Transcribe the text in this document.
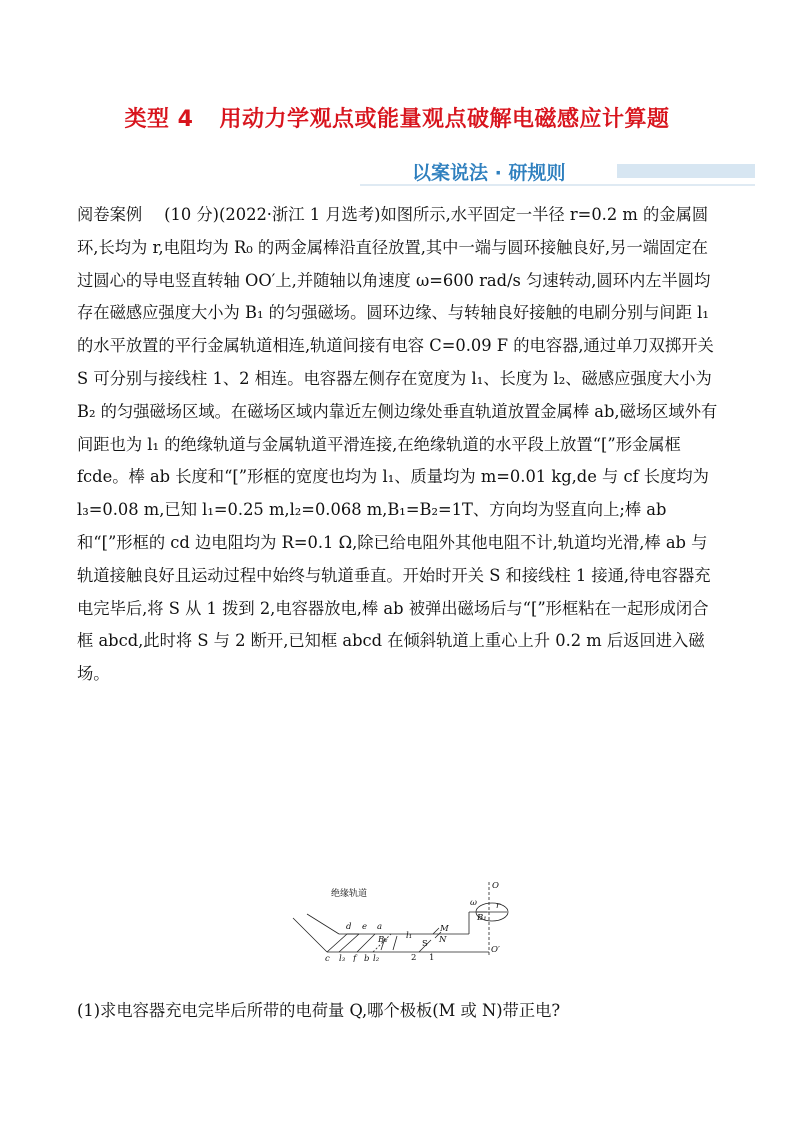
类型 4 用动力学观点或能量观点破解电磁感应计算题
以案说法 · 研规则
阅卷案例 (10 分)(2022·浙江 1 月选考)如图所示,水平固定一半径 r=0.2 m 的金属圆环,长均为 r,电阻均为 R₀ 的两金属棒沿直径放置,其中一端与圆环接触良好,另一端固定在过圆心的导电竖直转轴 OO′上,并随轴以角速度 ω=600 rad/s 匀速转动,圆环内左半圆均存在磁感应强度大小为 B₁ 的匀强磁场。圆环边缘、与转轴良好接触的电刷分别与间距 l₁ 的水平放置的平行金属轨道相连,轨道间接有电容 C=0.09 F 的电容器,通过单刀双掷开关 S 可分别与接线柱 1、2 相连。电容器左侧存在宽度为 l₁、长度为 l₂、磁感应强度大小为 B₂ 的匀强磁场区域。在磁场区域内靠近左侧边缘处垂直轨道放置金属棒 ab,磁场区域外有间距也为 l₁ 的绝缘轨道与金属轨道平滑连接,在绝缘轨道的水平段上放置“[”形金属框 fcde。棒 ab 长度和“[”形框的宽度也均为 l₁、质量均为 m=0.01 kg,de 与 cf 长度均为 l₃=0.08 m,已知 l₁=0.25 m,l₂=0.068 m,B₁=B₂=1T、方向均为竖直向上;棒 ab 和“[”形框的 cd 边电阻均为 R=0.1 Ω,除已给电阻外其他电阻不计,轨道均光滑,棒 ab 与轨道接触良好且运动过程中始终与轨道垂直。开始时开关 S 和接线柱 1 接通,待电容器充电完毕后,将 S 从 1 拨到 2,电容器放电,棒 ab 被弹出磁场后与“[”形框粘在一起形成闭合框 abcd,此时将 S 与 2 断开,已知框 abcd 在倾斜轨道上重心上升 0.2 m 后返回进入磁场。
绝缘轨道
d e a
c l₃ f b l₂
B₂ l₁
S
M
N
2 1
O
O′
ω
B₁
r
(1)求电容器充电完毕后所带的电荷量 Q,哪个极板(M 或 N)带正电?
